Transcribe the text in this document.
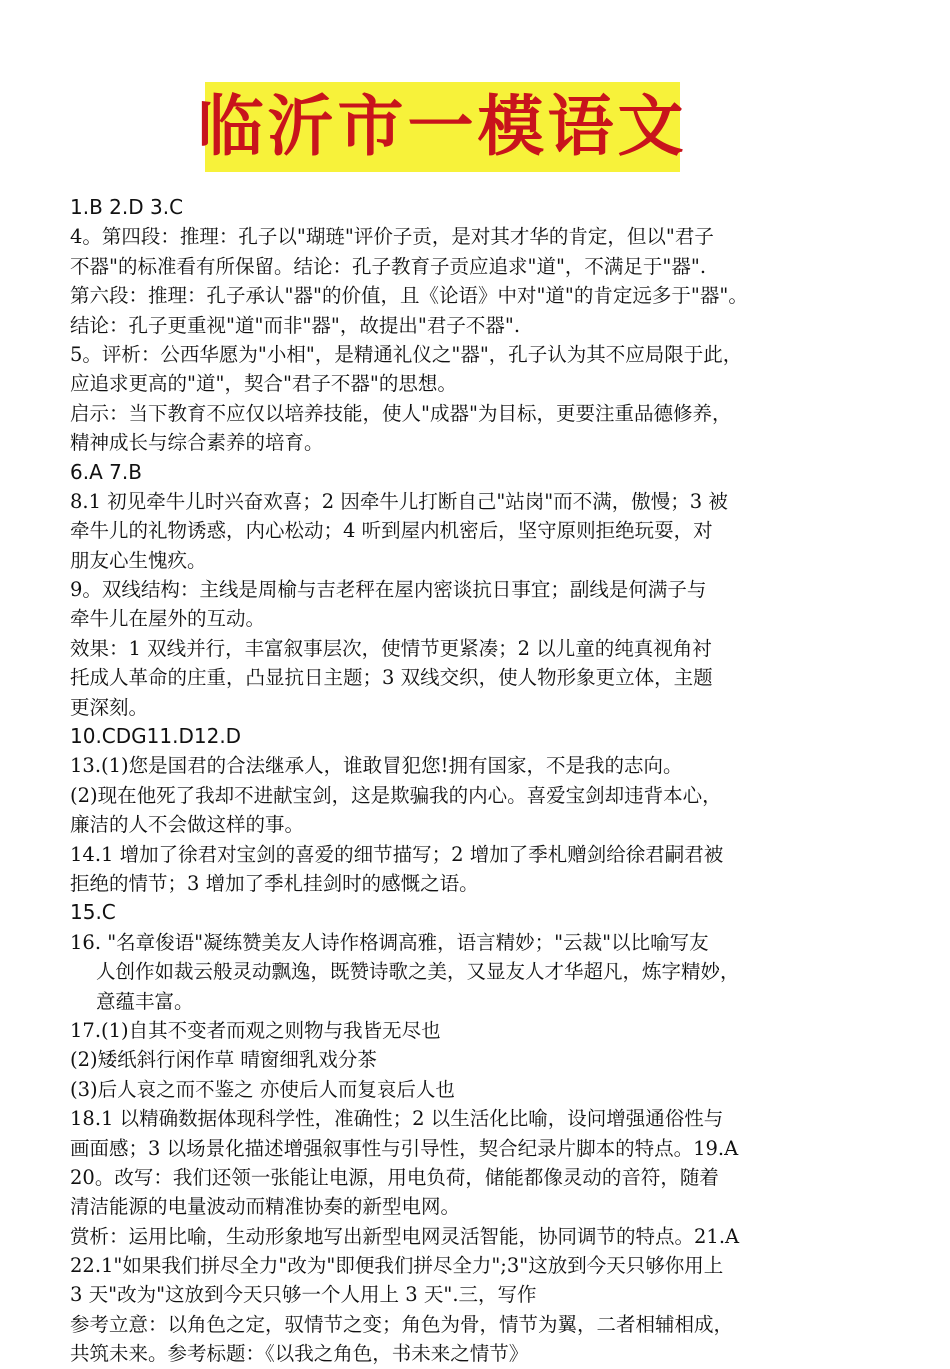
临沂市一模语文
1.B 2.D 3.C
4。第四段：推理：孔子以"瑚琏"评价子贡，是对其才华的肯定，但以"君子
不器"的标准看有所保留。结论：孔子教育子贡应追求"道"，不满足于"器".
第六段：推理：孔子承认"器"的价值，且《论语》中对"道"的肯定远多于"器"。
结论：孔子更重视"道"而非"器"，故提出"君子不器".
5。评析：公西华愿为"小相"，是精通礼仪之"器"，孔子认为其不应局限于此，
应追求更高的"道"，契合"君子不器"的思想。
启示：当下教育不应仅以培养技能，使人"成器"为目标，更要注重品德修养，
精神成长与综合素养的培育。
6.A 7.B
8.1 初见牵牛儿时兴奋欢喜；2 因牵牛儿打断自己"站岗"而不满，傲慢；3 被
牵牛儿的礼物诱惑，内心松动；4 听到屋内机密后，坚守原则拒绝玩耍，对
朋友心生愧疚。
9。双线结构：主线是周榆与吉老秤在屋内密谈抗日事宜；副线是何满子与
牵牛儿在屋外的互动。
效果：1 双线并行，丰富叙事层次，使情节更紧凑；2 以儿童的纯真视角衬
托成人革命的庄重，凸显抗日主题；3 双线交织，使人物形象更立体，主题
更深刻。
10.CDG11.D12.D
13.(1)您是国君的合法继承人，谁敢冒犯您!拥有国家，不是我的志向。
(2)现在他死了我却不进献宝剑，这是欺骗我的内心。喜爱宝剑却违背本心，
廉洁的人不会做这样的事。
14.1 增加了徐君对宝剑的喜爱的细节描写；2 增加了季札赠剑给徐君嗣君被
拒绝的情节；3 增加了季札挂剑时的感慨之语。
15.C
16. "名章俊语"凝练赞美友人诗作格调高雅，语言精妙；"云裁"以比喻写友
人创作如裁云般灵动飘逸，既赞诗歌之美，又显友人才华超凡，炼字精妙，
意蕴丰富。
17.(1)自其不变者而观之则物与我皆无尽也
(2)矮纸斜行闲作草 晴窗细乳戏分茶
(3)后人哀之而不鉴之 亦使后人而复哀后人也
18.1 以精确数据体现科学性，准确性；2 以生活化比喻，设问增强通俗性与
画面感；3 以场景化描述增强叙事性与引导性，契合纪录片脚本的特点。19.A
20。改写：我们还领一张能让电源，用电负荷，储能都像灵动的音符，随着
清洁能源的电量波动而精准协奏的新型电网。
赏析：运用比喻，生动形象地写出新型电网灵活智能，协同调节的特点。21.A
22.1"如果我们拼尽全力"改为"即便我们拼尽全力";3"这放到今天只够你用上
3 天"改为"这放到今天只够一个人用上 3 天".三，写作
参考立意：以角色之定，驭情节之变；角色为骨，情节为翼，二者相辅相成，
共筑未来。参考标题：《以我之角色，书未来之情节》
